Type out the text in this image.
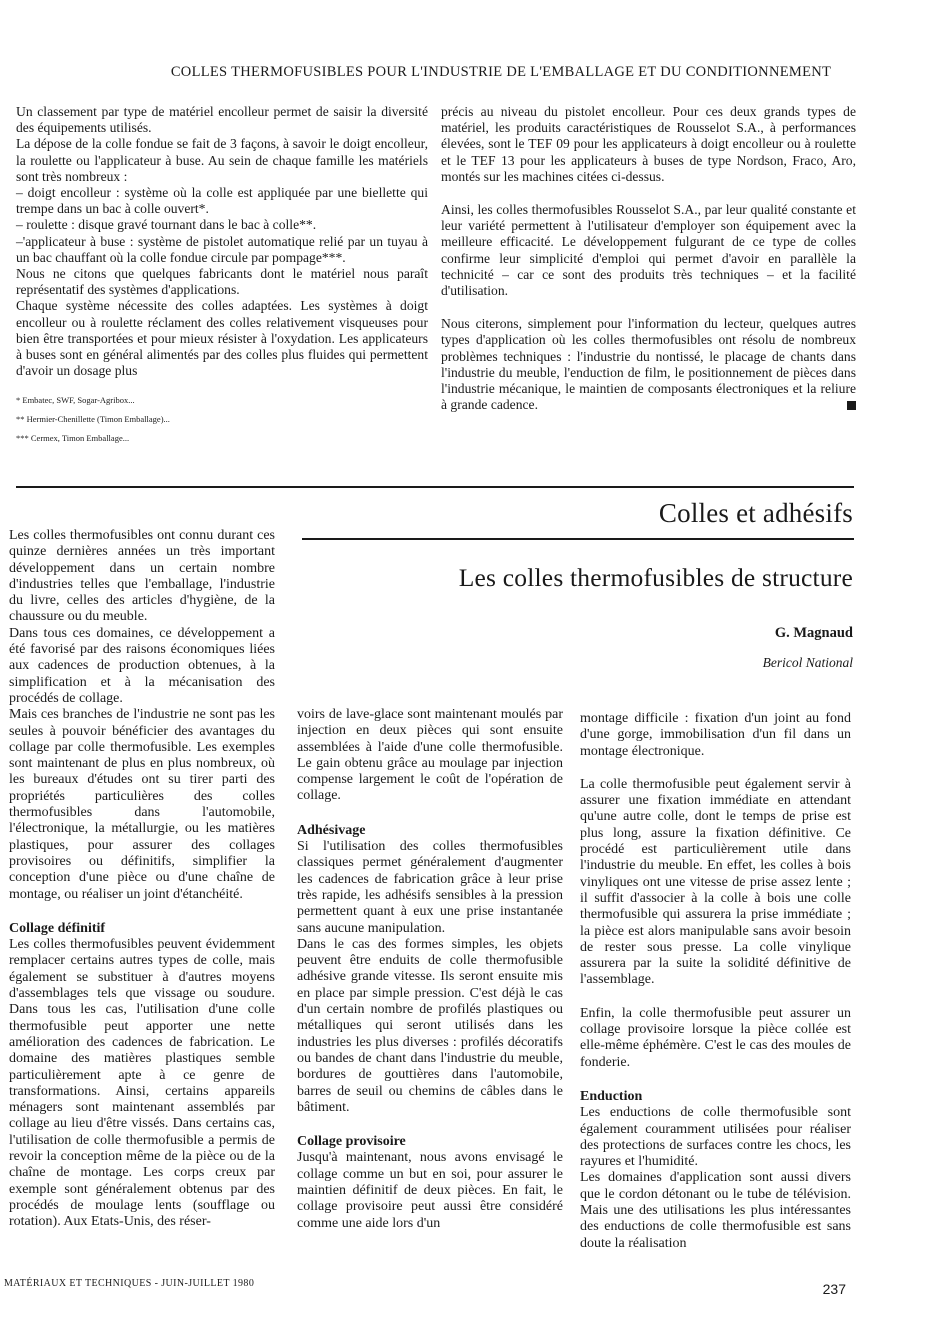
COLLES THERMOFUSIBLES POUR L'INDUSTRIE DE L'EMBALLAGE ET DU CONDITIONNEMENT

Un classement par type de matériel encolleur permet de saisir la diversité des équipements utilisés.

La dépose de la colle fondue se fait de 3 façons, à savoir le doigt encolleur, la roulette ou l'applicateur à buse. Au sein de chaque famille les matériels sont très nombreux :

– doigt encolleur : système où la colle est appliquée par une biellette qui trempe dans un bac à colle ouvert*.

– roulette : disque gravé tournant dans le bac à colle**.

–'applicateur à buse : système de pistolet automatique relié par un tuyau à un bac chauffant où la colle fondue circule par pompage***.

Nous ne citons que quelques fabricants dont le matériel nous paraît représentatif des systèmes d'applications.

Chaque système nécessite des colles adaptées. Les systèmes à doigt encolleur ou à roulette réclament des colles relativement visqueuses pour bien être transportées et pour mieux résister à l'oxydation. Les applicateurs à buses sont en général alimentés par des colles plus fluides qui permettent d'avoir un dosage plus

* Embatec, SWF, Sogar-Agribox...
** Hermier-Chenillette (Timon Emballage)...
*** Cermex, Timon Emballage...

précis au niveau du pistolet encolleur. Pour ces deux grands types de matériel, les produits caractéristiques de Rousselot S.A., à performances élevées, sont le TEF 09 pour les applicateurs à doigt encolleur ou à roulette et le TEF 13 pour les applicateurs à buses de type Nordson, Fraco, Aro, montés sur les machines citées ci-dessus.

Ainsi, les colles thermofusibles Rousselot S.A., par leur qualité constante et leur variété permettent à l'utilisateur d'employer son équipement avec la meilleure efficacité. Le développement fulgurant de ce type de colles confirme leur simplicité d'emploi qui permet d'avoir en parallèle la technicité – car ce sont des produits très techniques – et la facilité d'utilisation.

Nous citerons, simplement pour l'information du lecteur, quelques autres types d'application où les colles thermofusibles ont résolu de nombreux problèmes techniques : l'industrie du nontissé, le placage de chants dans l'industrie du meuble, l'enduction de film, le positionnement de pièces dans l'industrie mécanique, le maintien de composants électroniques et la reliure à grande cadence.

Colles et adhésifs
Les colles thermofusibles de structure
G. Magnaud
Bericol National

Les colles thermofusibles ont connu durant ces quinze dernières années un très important développement dans un certain nombre d'industries telles que l'emballage, l'industrie du livre, celles des articles d'hygiène, de la chaussure ou du meuble.

Dans tous ces domaines, ce développement a été favorisé par des raisons économiques liées aux cadences de production obtenues, à la simplification et à la mécanisation des procédés de collage.

Mais ces branches de l'industrie ne sont pas les seules à pouvoir bénéficier des avantages du collage par colle thermofusible. Les exemples sont maintenant de plus en plus nombreux, où les bureaux d'études ont su tirer parti des propriétés particulières des colles thermofusibles dans l'automobile, l'électronique, la métallurgie, ou les matières plastiques, pour assurer des collages provisoires ou définitifs, simplifier la conception d'une pièce ou d'une chaîne de montage, ou réaliser un joint d'étanchéité.

Collage définitif

Les colles thermofusibles peuvent évidemment remplacer certains autres types de colle, mais également se substituer à d'autres moyens d'assemblages tels que vissage ou soudure. Dans tous les cas, l'utilisation d'une colle thermofusible peut apporter une nette amélioration des cadences de fabrication. Le domaine des matières plastiques semble particulièrement apte à ce genre de transformations. Ainsi, certains appareils ménagers sont maintenant assemblés par collage au lieu d'être vissés. Dans certains cas, l'utilisation de colle thermofusible a permis de revoir la conception même de la pièce ou de la chaîne de montage. Les corps creux par exemple sont généralement obtenus par des procédés de moulage lents (soufflage ou rotation). Aux Etats-Unis, des réser-

voirs de lave-glace sont maintenant moulés par injection en deux pièces qui sont ensuite assemblées à l'aide d'une colle thermofusible. Le gain obtenu grâce au moulage par injection compense largement le coût de l'opération de collage.

Adhésivage

Si l'utilisation des colles thermofusibles classiques permet généralement d'augmenter les cadences de fabrication grâce à leur prise très rapide, les adhésifs sensibles à la pression permettent quant à eux une prise instantanée sans aucune manipulation.

Dans le cas des formes simples, les objets peuvent être enduits de colle thermofusible adhésive grande vitesse. Ils seront ensuite mis en place par simple pression. C'est déjà le cas d'un certain nombre de profilés plastiques ou métalliques qui seront utilisés dans les industries les plus diverses : profilés décoratifs ou bandes de chant dans l'industrie du meuble, bordures de gouttières dans l'automobile, barres de seuil ou chemins de câbles dans le bâtiment.

Collage provisoire

Jusqu'à maintenant, nous avons envisagé le collage comme un but en soi, pour assurer le maintien définitif de deux pièces. En fait, le collage provisoire peut aussi être considéré comme une aide lors d'un

montage difficile : fixation d'un joint au fond d'une gorge, immobilisation d'un fil dans un montage électronique.

La colle thermofusible peut également servir à assurer une fixation immédiate en attendant qu'une autre colle, dont le temps de prise est plus long, assure la fixation définitive. Ce procédé est particulièrement utile dans l'industrie du meuble. En effet, les colles à bois vinyliques ont une vitesse de prise assez lente ; il suffit d'associer à la colle à bois une colle thermofusible qui assurera la prise immédiate ; la pièce est alors manipulable sans avoir besoin de rester sous presse. La colle vinylique assurera par la suite la solidité définitive de l'assemblage.

Enfin, la colle thermofusible peut assurer un collage provisoire lorsque la pièce collée est elle-même éphémère. C'est le cas des moules de fonderie.

Enduction

Les enductions de colle thermofusible sont également couramment utilisées pour réaliser des protections de surfaces contre les chocs, les rayures et l'humidité.

Les domaines d'application sont aussi divers que le cordon détonant ou le tube de télévision. Mais une des utilisations les plus intéressantes des enductions de colle thermofusible est sans doute la réalisation

MATÉRIAUX ET TECHNIQUES - JUIN-JUILLET 1980	237
